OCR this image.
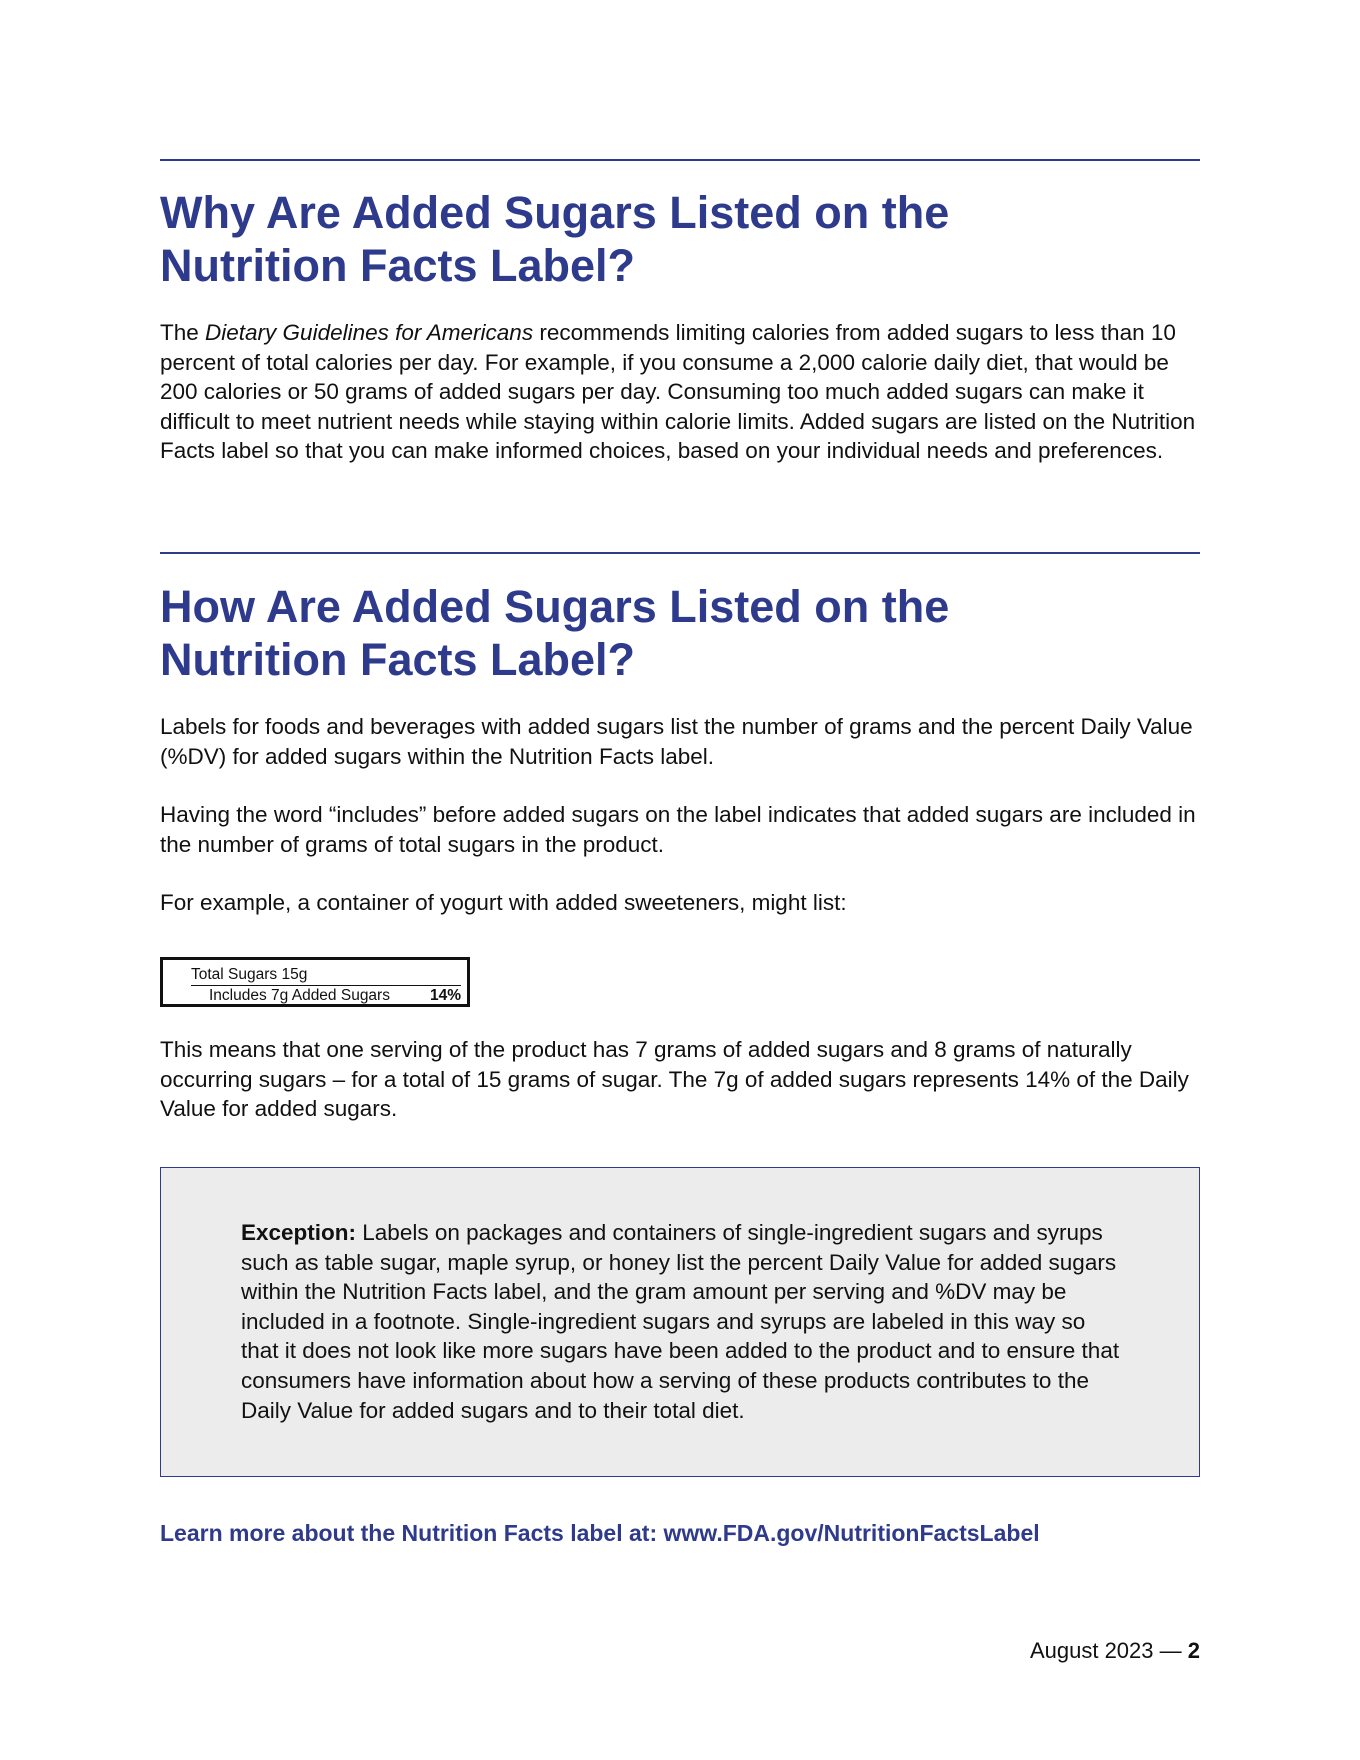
Why Are Added Sugars Listed on the
Nutrition Facts Label?

The Dietary Guidelines for Americans recommends limiting calories from added sugars to less than 10 percent of total calories per day. For example, if you consume a 2,000 calorie daily diet, that would be 200 calories or 50 grams of added sugars per day. Consuming too much added sugars can make it difficult to meet nutrient needs while staying within calorie limits. Added sugars are listed on the Nutrition Facts label so that you can make informed choices, based on your individual needs and preferences.

How Are Added Sugars Listed on the
Nutrition Facts Label?

Labels for foods and beverages with added sugars list the number of grams and the percent Daily Value (%DV) for added sugars within the Nutrition Facts label.

Having the word “includes” before added sugars on the label indicates that added sugars are included in the number of grams of total sugars in the product.

For example, a container of yogurt with added sweeteners, might list:

Total Sugars 15g
Includes 7g Added Sugars	14%

This means that one serving of the product has 7 grams of added sugars and 8 grams of naturally occurring sugars – for a total of 15 grams of sugar. The 7g of added sugars represents 14% of the Daily Value for added sugars.

Exception: Labels on packages and containers of single-ingredient sugars and syrups such as table sugar, maple syrup, or honey list the percent Daily Value for added sugars within the Nutrition Facts label, and the gram amount per serving and %DV may be included in a footnote. Single-ingredient sugars and syrups are labeled in this way so that it does not look like more sugars have been added to the product and to ensure that consumers have information about how a serving of these products contributes to the Daily Value for added sugars and to their total diet.

Learn more about the Nutrition Facts label at: www.FDA.gov/NutritionFactsLabel

August 2023 — 2
